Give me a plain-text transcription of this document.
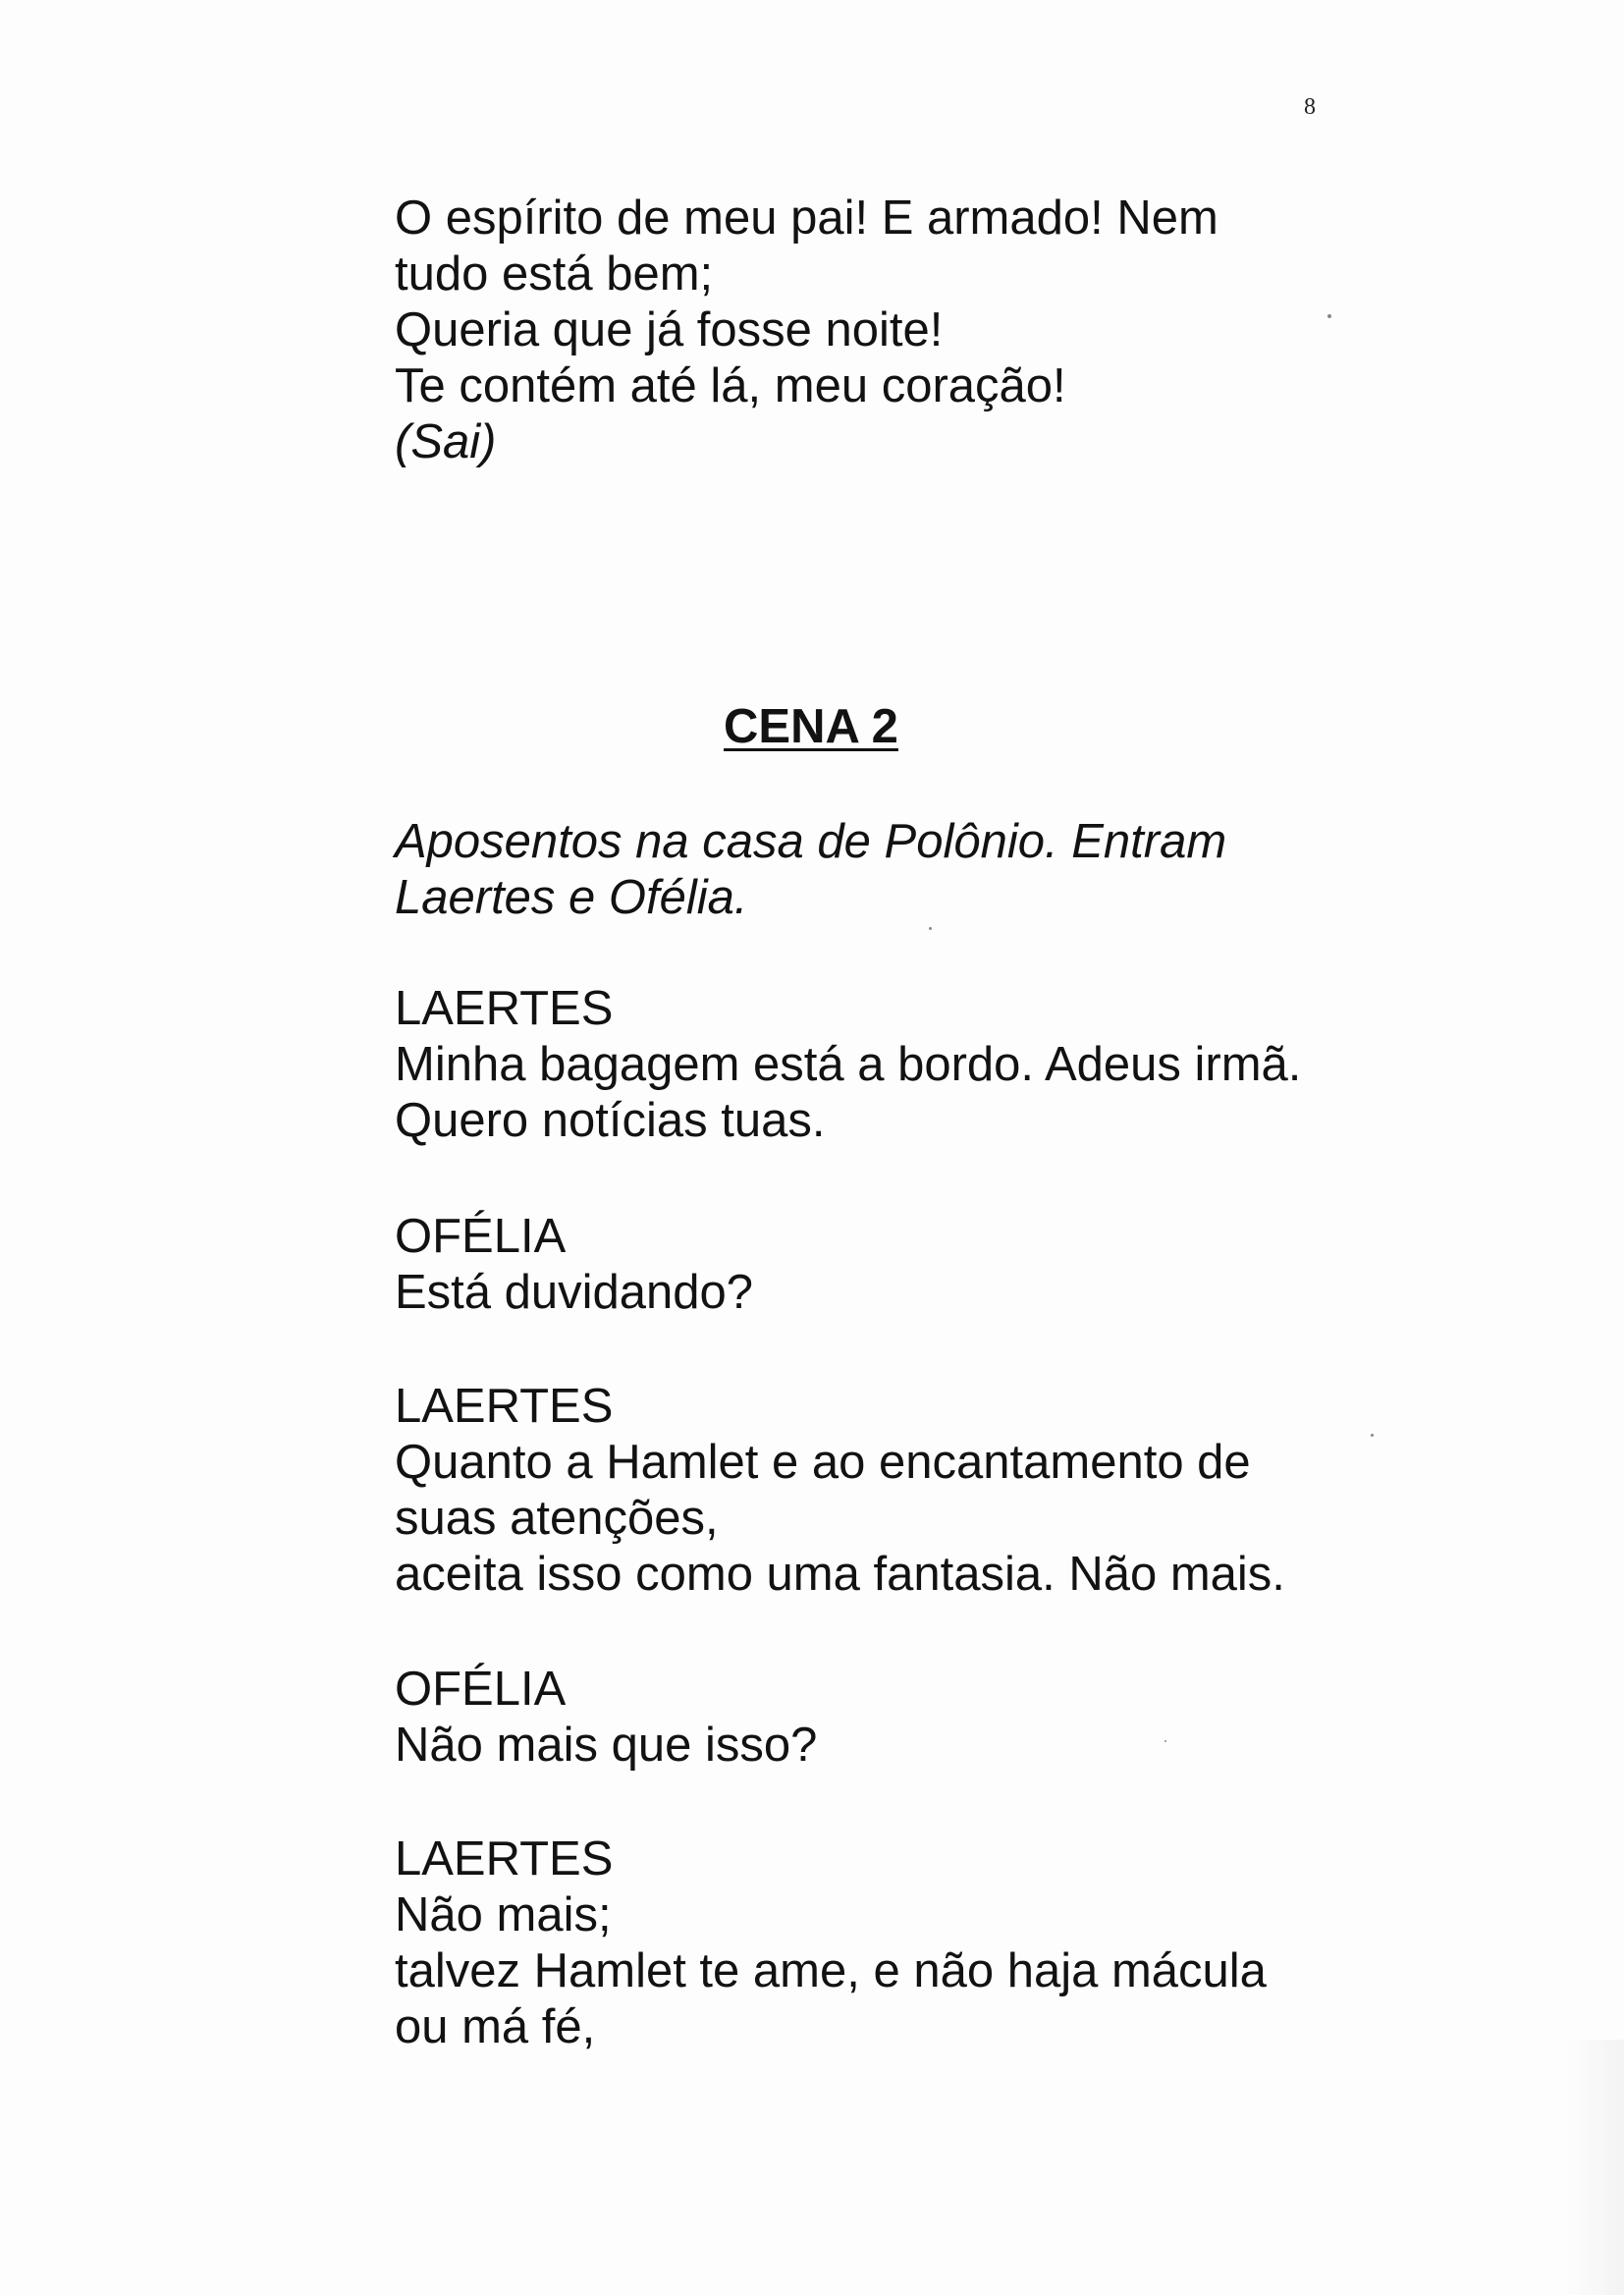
8
O espírito de meu pai! E armado! Nem
tudo está bem;
Queria que já fosse noite!
Te contém até lá, meu coração!
(Sai)
CENA 2
Aposentos na casa de Polônio. Entram
Laertes e Ofélia.
LAERTES
Minha bagagem está a bordo. Adeus irmã.
Quero notícias tuas.
OFÉLIA
Está duvidando?
LAERTES
Quanto a Hamlet e ao encantamento de
suas atenções,
aceita isso como uma fantasia. Não mais.
OFÉLIA
Não mais que isso?
LAERTES
Não mais;
talvez Hamlet te ame, e não haja mácula
ou má fé,
